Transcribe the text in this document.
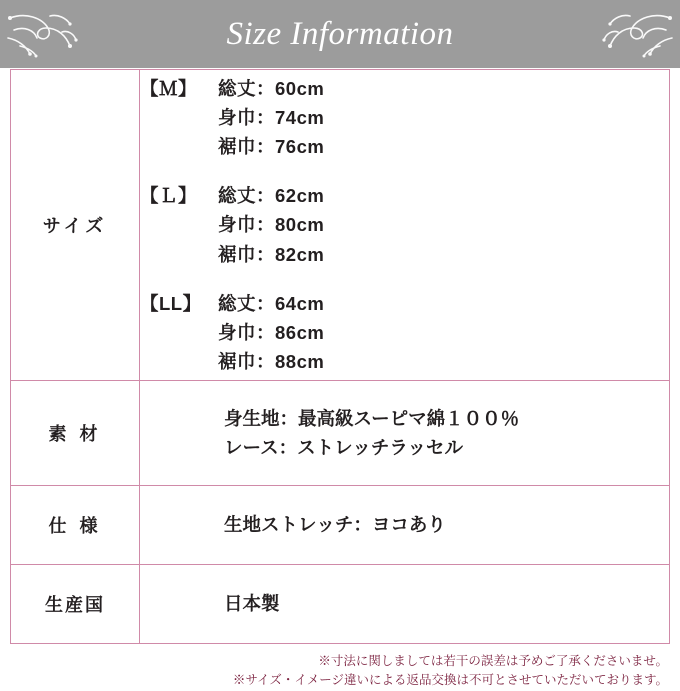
Size Information
サイズ	
【Ｍ】	総丈：60cm
身巾：74cm
裾巾：76cm
【Ｌ】	総丈：62cm
身巾：80cm
裾巾：82cm
【LL】 総丈：64cm
身巾：86cm
裾巾：88cm

素 材	身生地：最高級スーピマ綿１００％
レース：ストレッチラッセル

仕 様	生地ストレッチ：ヨコあり

生産国	日本製
※寸法に関しましては若干の誤差は予めご了承くださいませ。
※サイズ・イメージ違いによる返品交換は不可とさせていただいております。
